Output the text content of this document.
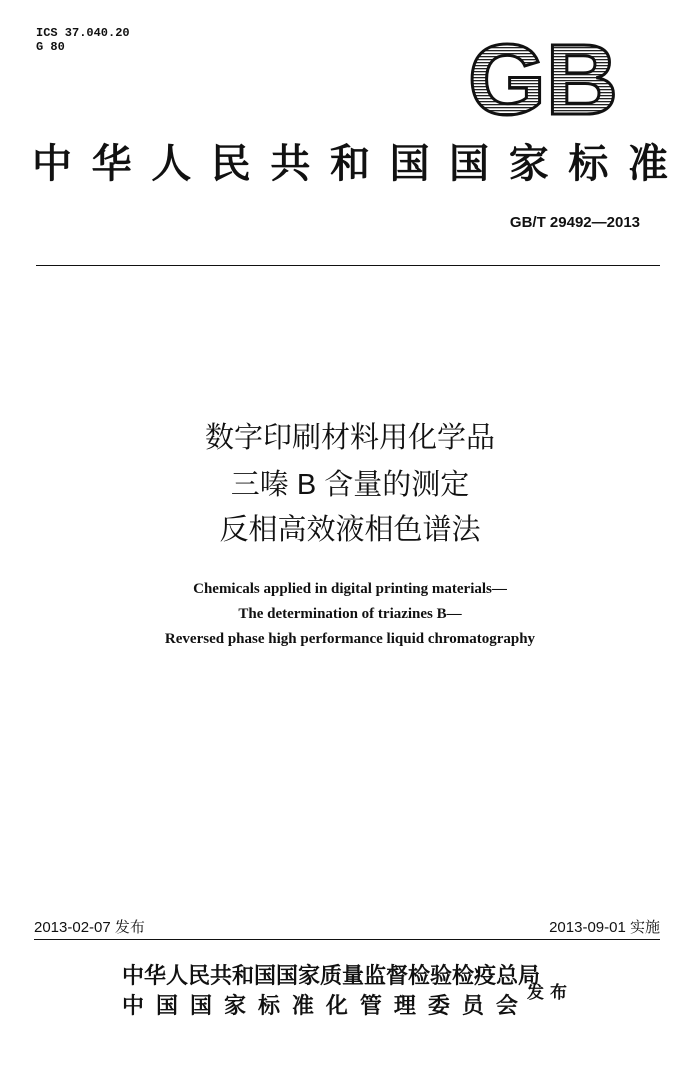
ICS 37.040.20
G 80	GB
中 华 人 民 共 和 国 国 家 标 准
GB/T 29492—2013
数字印刷材料用化学品
三嗪 B 含量的测定
反相高效液相色谱法
Chemicals applied in digital printing materials—
The determination of triazines B—
Reversed phase high performance liquid chromatography
2013-02-07 发布	2013-09-01 实施
中华人民共和国国家质量监督检验检疫总局
中 国 国 家 标 准 化 管 理 委 员 会
发布
